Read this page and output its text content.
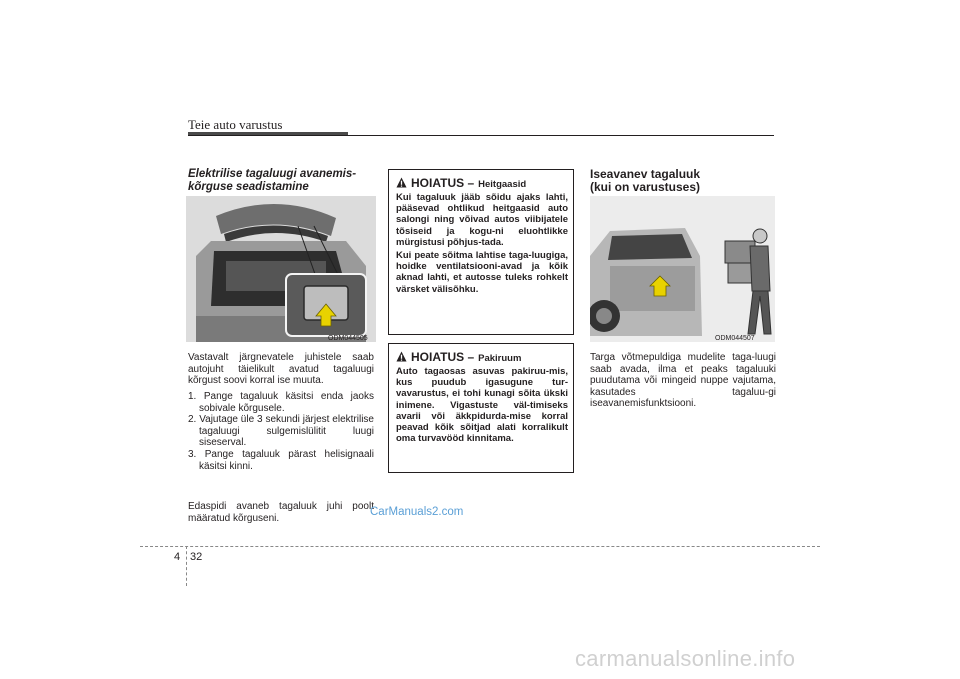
Teie auto varustus
Elektrilise tagaluugi avanemis-
kõrguse seadistamine
ODM044505
Vastavalt järgnevatele juhistele saab autojuht täielikult avatud tagaluugi kõrgust soovi korral ise muuta.
1. Pange tagaluuk käsitsi enda jaoks sobivale kõrgusele.
2. Vajutage üle 3 sekundi järjest elektrilise tagaluugi sulgemislülitit luugi siseserval.
3. Pange tagaluuk pärast helisignaali käsitsi kinni.
Edaspidi avaneb tagaluuk juhi poolt määratud kõrguseni.
HOIATUS – Heitgaasid

Kui tagaluuk jääb sõidu ajaks lahti, pääsevad ohtlikud heitgaasid auto salongi ning võivad autos viibijatele tõsiseid ja kogu-ni eluohtlikke mürgistusi põhjus-tada.

Kui peate sõitma lahtise taga-luugiga, hoidke ventilatsiooni-avad ja kõik aknad lahti, et autosse tuleks rohkelt värsket välisõhku.

HOIATUS – Pakiruum

Auto tagaosas asuvas pakiruu-mis, kus puudub igasugune tur-vavarustus, ei tohi kunagi sõita ükski inimene. Vigastuste väl-timiseks avarii või äkkpidurda-mise korral peavad kõik sõitjad alati korralikult oma turvavööd kinnitama.

Iseavanev tagaluuk
(kui on varustuses)
ODM044507
Targa võtmepuldiga mudelite taga-luugi saab avada, ilma et peaks tagaluuki puudutama või mingeid nuppe vajutama, kasutades tagaluu-gi iseavanemisfunktsiooni.
CarManuals2.com
4 32
carmanualsonline.info
